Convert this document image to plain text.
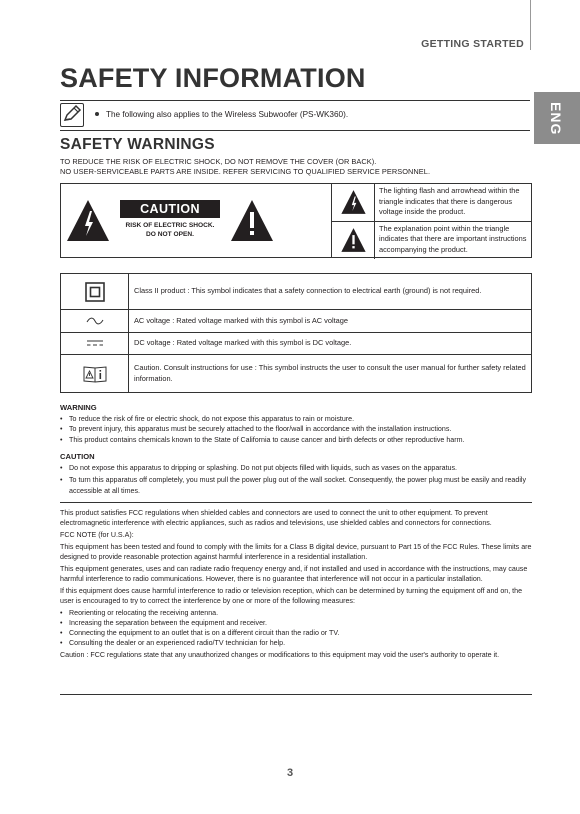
GETTING STARTED
ENG
SAFETY INFORMATION
The following also applies to the Wireless Subwoofer (PS-WK360).
SAFETY WARNINGS
TO REDUCE THE RISK OF ELECTRIC SHOCK, DO NOT REMOVE THE COVER (OR BACK).
NO USER-SERVICEABLE PARTS ARE INSIDE. REFER SERVICING TO QUALIFIED SERVICE PERSONNEL.
CAUTION
RISK OF ELECTRIC SHOCK.
DO NOT OPEN.
The lighting flash and arrowhead within the triangle indicates that there is dangerous voltage inside the product.
The explanation point within the triangle indicates that there are important instructions accompanying the product.
	Class II product : This symbol indicates that a safety connection to electrical earth (ground) is not required.
	AC voltage : Rated voltage marked with this symbol is AC voltage
	DC voltage : Rated voltage marked with this symbol is DC voltage.
	Caution. Consult instructions for use : This symbol instructs the user to consult the user manual for further safety related information.
WARNING
• To reduce the risk of fire or electric shock, do not expose this apparatus to rain or moisture.
• To prevent injury, this apparatus must be securely attached to the floor/wall in accordance with the installation instructions.
• This product contains chemicals known to the State of California to cause cancer and birth defects or other reproductive harm.
CAUTION
• Do not expose this apparatus to dripping or splashing. Do not put objects filled with liquids, such as vases on the apparatus.
• To turn this apparatus off completely, you must pull the power plug out of the wall socket. Consequently, the power plug must be easily and readily accessible at all times.

This product satisfies FCC regulations when shielded cables and connectors are used to connect the unit to other equipment. To prevent electromagnetic interference with electric appliances, such as radios and televisions, use shielded cables and connectors for connections.

FCC NOTE (for U.S.A):

This equipment has been tested and found to comply with the limits for a Class B digital device, pursuant to Part 15 of the FCC Rules. These limits are designed to provide reasonable protection against harmful interference in a residential installation.

This equipment generates, uses and can radiate radio frequency energy and, if not installed and used in accordance with the instructions, may cause harmful interference to radio communications. However, there is no guarantee that interference will not occur in a particular installation.

If this equipment does cause harmful interference to radio or television reception, which can be determined by turning the equipment off and on, the user is encouraged to try to correct the interference by one or more of the following measures:

• Reorienting or relocating the receiving antenna.
• Increasing the separation between the equipment and receiver.
• Connecting the equipment to an outlet that is on a different circuit than the radio or TV.
• Consulting the dealer or an experienced radio/TV technician for help.

Caution : FCC regulations state that any unauthorized changes or modifications to this equipment may void the user's authority to operate it.

3
